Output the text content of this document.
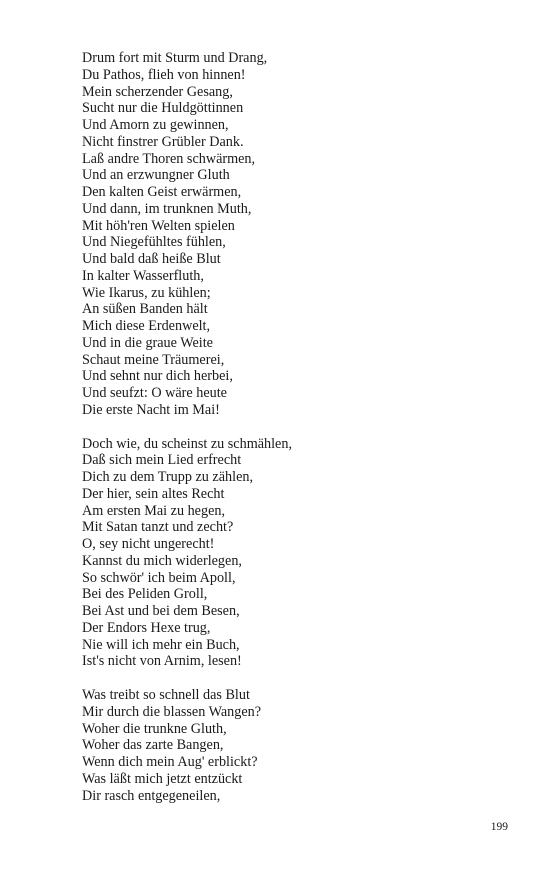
Drum fort mit Sturm und Drang,
Du Pathos, flieh von hinnen!
Mein scherzender Gesang,
Sucht nur die Huldgöttinnen
Und Amorn zu gewinnen,
Nicht finstrer Grübler Dank.
Laß andre Thoren schwärmen,
Und an erzwungner Gluth
Den kalten Geist erwärmen,
Und dann, im trunknen Muth,
Mit höh'ren Welten spielen
Und Niegefühltes fühlen,
Und bald daß heiße Blut
In kalter Wasserfluth,
Wie Ikarus, zu kühlen;
An süßen Banden hält
Mich diese Erdenwelt,
Und in die graue Weite
Schaut meine Träumerei,
Und sehnt nur dich herbei,
Und seufzt: O wäre heute
Die erste Nacht im Mai!
Doch wie, du scheinst zu schmählen,
Daß sich mein Lied erfrecht
Dich zu dem Trupp zu zählen,
Der hier, sein altes Recht
Am ersten Mai zu hegen,
Mit Satan tanzt und zecht?
O, sey nicht ungerecht!
Kannst du mich widerlegen,
So schwör' ich beim Apoll,
Bei des Peliden Groll,
Bei Ast und bei dem Besen,
Der Endors Hexe trug,
Nie will ich mehr ein Buch,
Ist's nicht von Arnim, lesen!
Was treibt so schnell das Blut
Mir durch die blassen Wangen?
Woher die trunkne Gluth,
Woher das zarte Bangen,
Wenn dich mein Aug' erblickt?
Was läßt mich jetzt entzückt
Dir rasch entgegeneilen,
199
